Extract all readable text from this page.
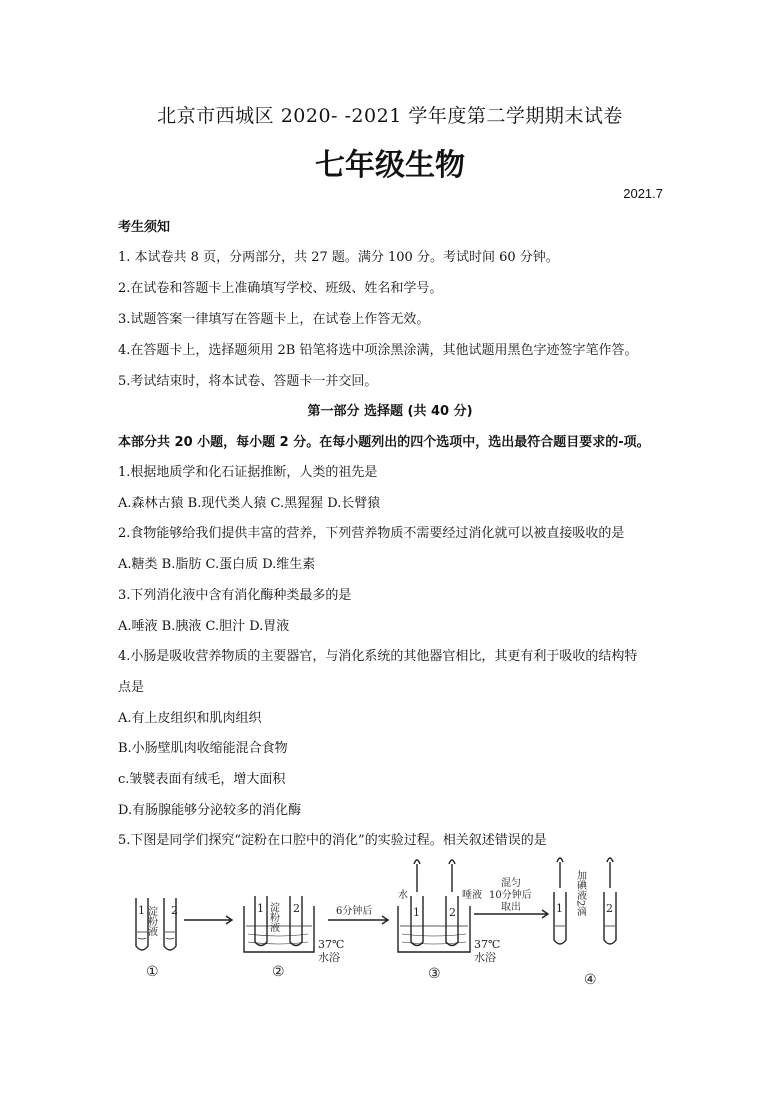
北京市西城区 2020- -2021 学年度第二学期期末试卷
七年级生物
2021.7
考生须知
1. 本试卷共 8 页，分两部分，共 27 题。满分 100 分。考试时间 60 分钟。
2.在试卷和答题卡上准确填写学校、班级、姓名和学号。
3.试题答案一律填写在答题卡上，在试卷上作答无效。
4.在答题卡上，选择题须用 2B 铅笔将选中项涂黑涂满，其他试题用黑色字迹签字笔作答。
5.考试结束时，将本试卷、答题卡一并交回。
第一部分 选择题 (共 40 分)
本部分共 20 小题，每小题 2 分。在每小题列出的四个选项中，选出最符合题目要求的-项。
1.根据地质学和化石证据推断，人类的祖先是
A.森林古猿 B.现代类人猿 C.黑猩猩 D.长臂猿
2.食物能够给我们提供丰富的营养，下列营养物质不需要经过消化就可以被直接吸收的是
A.糖类 B.脂肪 C.蛋白质 D.维生素
3.下列消化液中含有消化酶种类最多的是
A.唾液 B.胰液 C.胆汁 D.胃液
4.小肠是吸收营养物质的主要器官，与消化系统的其他器官相比，其更有利于吸收的结构特
点是
A.有上皮组织和肌肉组织
B.小肠壁肌肉收缩能混合食物
c.皱襞表面有绒毛，增大面积
D.有肠腺能够分泌较多的消化酶
5.下图是同学们探究“淀粉在口腔中的消化”的实验过程。相关叙述错误的是
1 2
淀粉液
①
1	2
淀粉液
37℃
水浴
②
6分钟后
水	唾液
1	2
37℃
水浴
③
混匀
10分钟后
取出	1	2
加碘液2滴
④
